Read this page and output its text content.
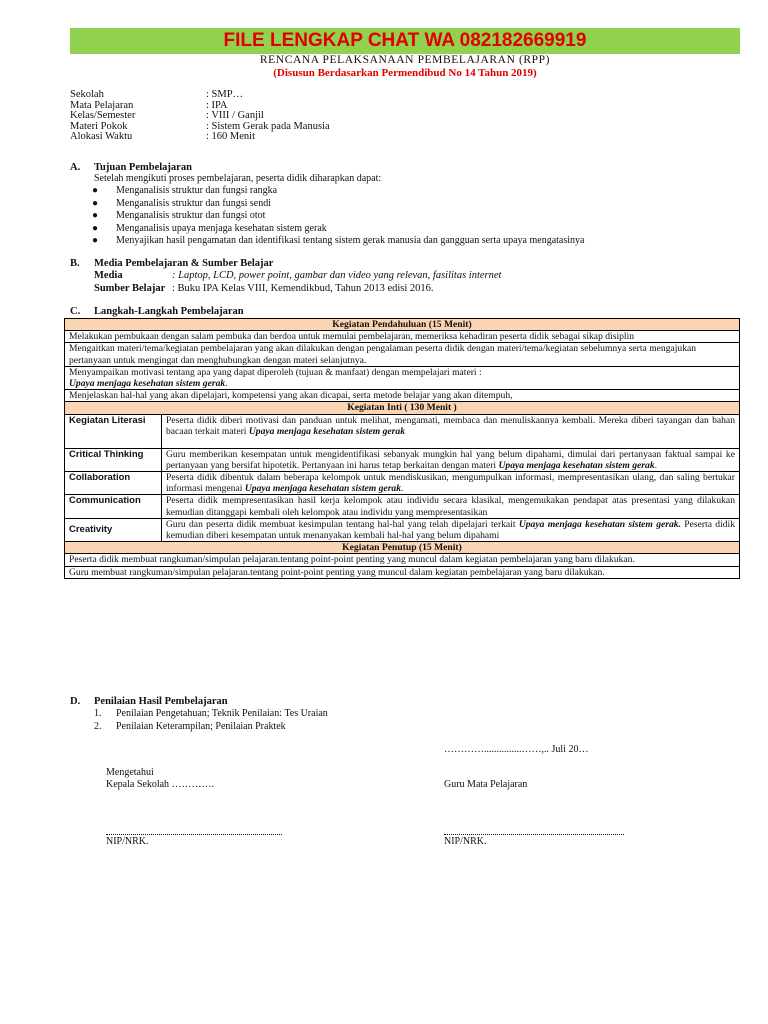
FILE LENGKAP CHAT WA 082182669919
RENCANA PELAKSANAAN PEMBELAJARAN (RPP)
(Disusun Berdasarkan Permendibud No 14 Tahun 2019)
Sekolah	: SMP…
Mata Pelajaran	: IPA
Kelas/Semester	: VIII / Ganjil
Materi Pokok	: Sistem Gerak pada Manusia
Alokasi Waktu	: 160 Menit
A. Tujuan Pembelajaran
Setelah mengikuti proses pembelajaran, peserta didik diharapkan dapat:
●	Menganalisis struktur dan fungsi rangka
●	Menganalisis struktur dan fungsi sendi
●	Menganalisis struktur dan fungsi otot
●	Menganalisis upaya menjaga kesehatan sistem gerak
●	Menyajikan hasil pengamatan dan identifikasi tentang sistem gerak manusia dan gangguan serta upaya mengatasinya
B. Media Pembelajaran & Sumber Belajar
Media	: Laptop, LCD, power point, gambar dan video yang relevan, fasilitas internet
Sumber Belajar : Buku IPA Kelas VIII, Kemendikbud, Tahun 2013 edisi 2016.
C. Langkah-Langkah Pembelajaran
Kegiatan Pendahuluan (15 Menit)	
Melakukan pembukaan dengan salam pembuka dan berdoa untuk memulai pembelajaran, memeriksa kehadiran peserta didik sebagai sikap disiplin	
Mengaitkan materi/tema/kegiatan pembelajaran yang akan dilakukan dengan pengalaman peserta didik dengan materi/tema/kegiatan sebelumnya serta mengajukan pertanyaan untuk mengingat dan menghubungkan dengan materi selanjutnya.	
Menyampaikan motivasi tentang apa yang dapat diperoleh (tujuan & manfaat) dengan mempelajari materi :
Upaya menjaga kesehatan sistem gerak.	
Menjelaskan hal-hal yang akan dipelajari, kompetensi yang akan dicapai, serta metode belajar yang akan ditempuh,	
Kegiatan Inti ( 130 Menit )	
Kegiatan Literasi	Peserta didik diberi motivasi dan panduan untuk melihat, mengamati, membaca dan menuliskannya kembali. Mereka diberi tayangan dan bahan bacaan terkait materi Upaya menjaga kesehatan sistem gerak
Critical Thinking	Guru memberikan kesempatan untuk mengidentifikasi sebanyak mungkin hal yang belum dipahami, dimulai dari pertanyaan faktual sampai ke pertanyaan yang bersifat hipotetik. Pertanyaan ini harus tetap berkaitan dengan materi Upaya menjaga kesehatan sistem gerak.
Collaboration	Peserta didik dibentuk dalam beberapa kelompok untuk mendiskusikan, mengumpulkan informasi, mempresentasikan ulang, dan saling bertukar informasi mengenai Upaya menjaga kesehatan sistem gerak.
Communication	Peserta didik mempresentasikan hasil kerja kelompok atau individu secara klasikal, mengemukakan pendapat atas presentasi yang dilakukan kemudian ditanggapi kembali oleh kelompok atau individu yang mempresentasikan
Creativity	Guru dan peserta didik membuat kesimpulan tentang hal-hal yang telah dipelajari terkait Upaya menjaga kesehatan sistem gerak. Peserta didik kemudian diberi kesempatan untuk menanyakan kembali hal-hal yang belum dipahami
Kegiatan Penutup (15 Menit)	
Peserta didik membuat rangkuman/simpulan pelajaran.tentang point-point penting yang muncul dalam kegiatan pembelajaran yang baru dilakukan.	
Guru membuat rangkuman/simpulan pelajaran.tentang point-point penting yang muncul dalam kegiatan pembelajaran yang baru dilakukan.	
D. Penilaian Hasil Pembelajaran
1.	Penilaian Pengetahuan; Teknik Penilaian: Tes Uraian
2.	Penilaian Keterampilan; Penilaian Praktek
…………...............……,.. Juli 20…
Mengetahui
Kepala Sekolah ………….	Guru Mata Pelajaran
NIP/NRK.	NIP/NRK.
